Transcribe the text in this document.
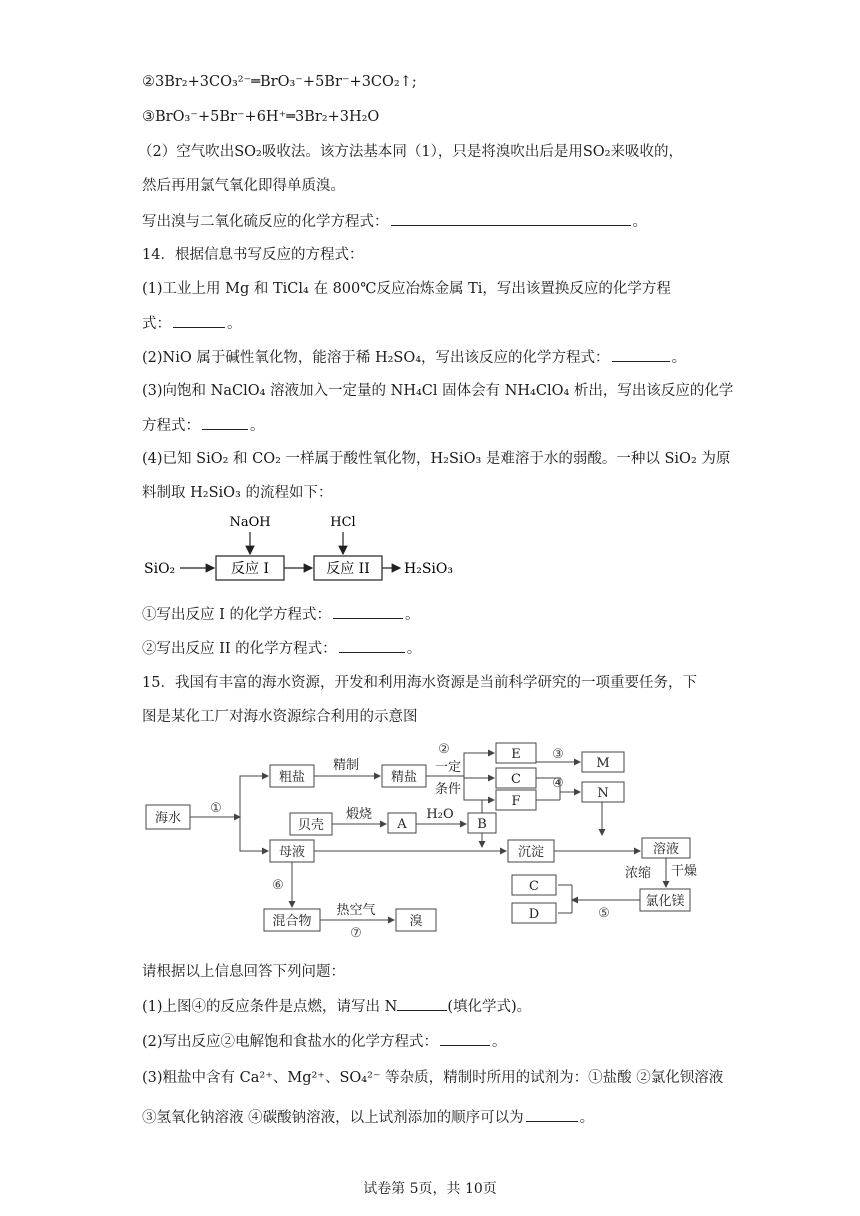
②3Br₂+3CO₃²⁻═BrO₃⁻+5Br⁻+3CO₂↑;
③BrO₃⁻+5Br⁻+6H⁺═3Br₂+3H₂O
（2）空气吹出SO₂吸收法。该方法基本同（1），只是将溴吹出后是用SO₂来吸收的，
然后再用氯气氧化即得单质溴。
写出溴与二氧化硫反应的化学方程式：	。
14．根据信息书写反应的方程式：
(1)工业上用 Mg 和 TiCl₄ 在 800℃反应冶炼金属 Ti，写出该置换反应的化学方程
式：	。
(2)NiO 属于碱性氧化物，能溶于稀 H₂SO₄，写出该反应的化学方程式：	。
(3)向饱和 NaClO₄ 溶液加入一定量的 NH₄Cl 固体会有 NH₄ClO₄ 析出，写出该反应的化学
方程式：	。
(4)已知 SiO₂ 和 CO₂ 一样属于酸性氧化物，H₂SiO₃ 是难溶于水的弱酸。一种以 SiO₂ 为原
料制取 H₂SiO₃ 的流程如下：
SiO₂	反应 I
NaOH
反应 II
HCl
H₂SiO₃
①写出反应 I 的化学方程式：	。
②写出反应 II 的化学方程式：	。
15．我国有丰富的海水资源，开发和利用海水资源是当前科学研究的一项重要任务，下
图是某化工厂对海水资源综合利用的示意图
海水
粗盐	精盐
精制	一定
条件
E
C
F
M
N
贝壳
煅烧
A
H₂O
B
母液	沉淀	溶液
浓缩 干燥
氯化镁
C
D
混合物
热空气
溴
①
②	③
④
⑤
⑥
⑦
请根据以上信息回答下列问题：
(1)上图④的反应条件是点燃，请写出 N	(填化学式)。
(2)写出反应②电解饱和食盐水的化学方程式：	。
(3)粗盐中含有 Ca²⁺、Mg²⁺、SO₄²⁻ 等杂质，精制时所用的试剂为：①盐酸 ②氯化钡溶液
③氢氧化钠溶液 ④碳酸钠溶液，以上试剂添加的顺序可以为	。
试卷第 5页，共 10页
